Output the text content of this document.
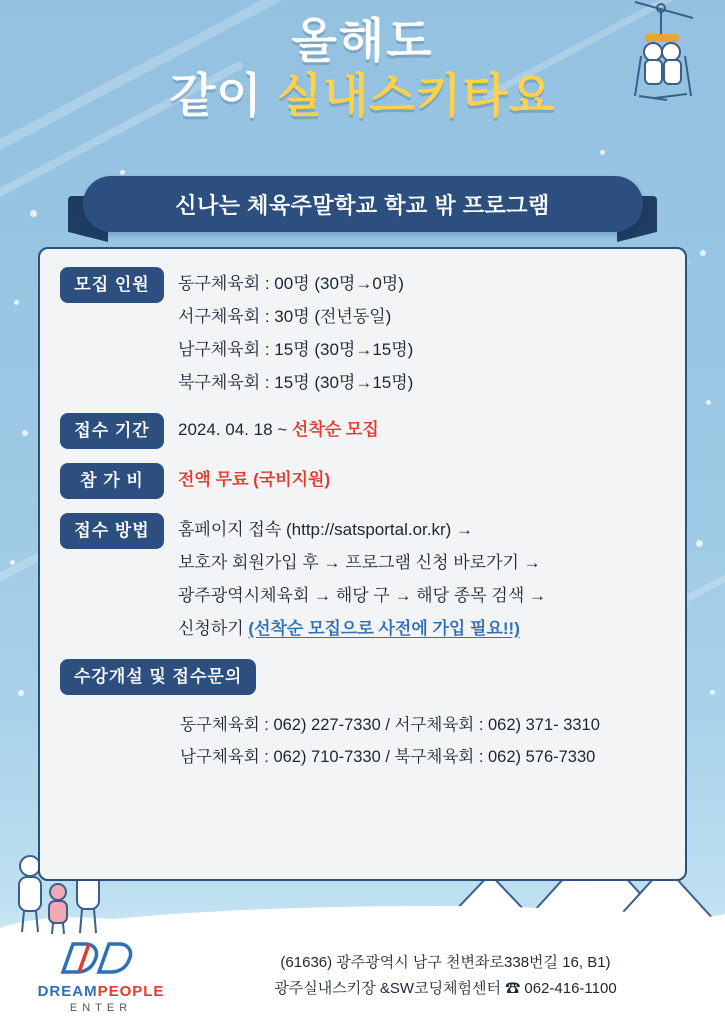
올해도
같이 실내스키타요
신나는 체육주말학교 학교 밖 프로그램
모집 인원	동구체육회 : 00명 (30명→0명)
서구체육회 : 30명 (전년동일)
남구체육회 : 15명 (30명→15명)
북구체육회 : 15명 (30명→15명)
접수 기간	2024. 04. 18 ~ 선착순 모집
참 가 비	전액 무료 (국비지원)
접수 방법	홈페이지 접속 (http://satsportal.or.kr) →
보호자 회원가입 후 → 프로그램 신청 바로가기 →
광주광역시체육회 → 해당 구 → 해당 종목 검색 →
신청하기 (선착순 모집으로 사전에 가입 필요!!)
수강개설 및 접수문의
동구체육회 : 062) 227-7330 / 서구체육회 : 062) 371- 3310
남구체육회 : 062) 710-7330 / 북구체육회 : 062) 576-7330
DREAMPEOPLE
ENTER
(61636) 광주광역시 남구 천변좌로338번길 16, B1)
광주실내스키장 &SW코딩체험센터 ☎ 062-416-1100
